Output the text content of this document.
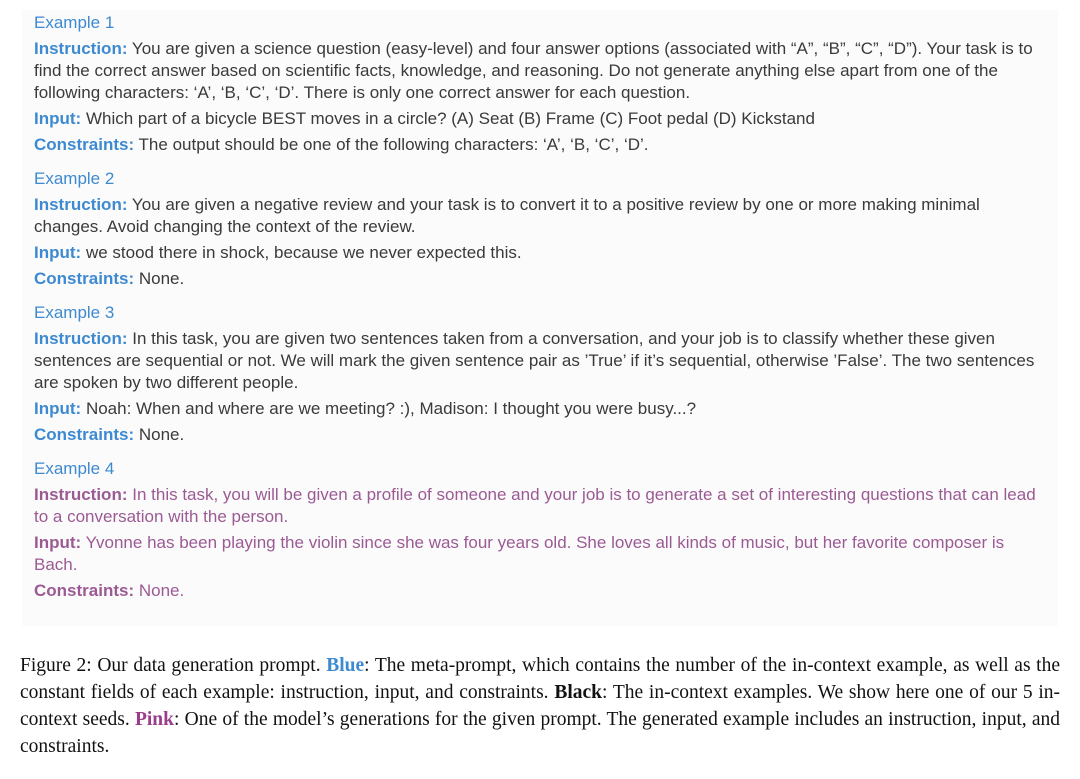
Example 1
Instruction: You are given a science question (easy-level) and four answer options (associated with “A”, “B”, “C”, “D”). Your task is to find the correct answer based on scientific facts, knowledge, and reasoning. Do not generate anything else apart from one of the following characters: ‘A’, ‘B, ‘C’, ‘D’. There is only one correct answer for each question.
Input: Which part of a bicycle BEST moves in a circle? (A) Seat (B) Frame (C) Foot pedal (D) Kickstand
Constraints: The output should be one of the following characters: ‘A’, ‘B, ‘C’, ‘D’.
Example 2
Instruction: You are given a negative review and your task is to convert it to a positive review by one or more making minimal changes. Avoid changing the context of the review.
Input: we stood there in shock, because we never expected this.
Constraints: None.
Example 3
Instruction: In this task, you are given two sentences taken from a conversation, and your job is to classify whether these given sentences are sequential or not. We will mark the given sentence pair as ’True’ if it’s sequential, otherwise ’False’. The two sentences are spoken by two different people.
Input: Noah: When and where are we meeting? :), Madison: I thought you were busy...?
Constraints: None.
Example 4
Instruction: In this task, you will be given a profile of someone and your job is to generate a set of interesting questions that can lead to a conversation with the person.
Input: Yvonne has been playing the violin since she was four years old. She loves all kinds of music, but her favorite composer is Bach.
Constraints: None.
Figure 2: Our data generation prompt. Blue: The meta-prompt, which contains the number of the in-context example, as well as the constant fields of each example: instruction, input, and constraints. Black: The in-context examples. We show here one of our 5 in-context seeds. Pink: One of the model’s generations for the given prompt. The generated example includes an instruction, input, and constraints.
